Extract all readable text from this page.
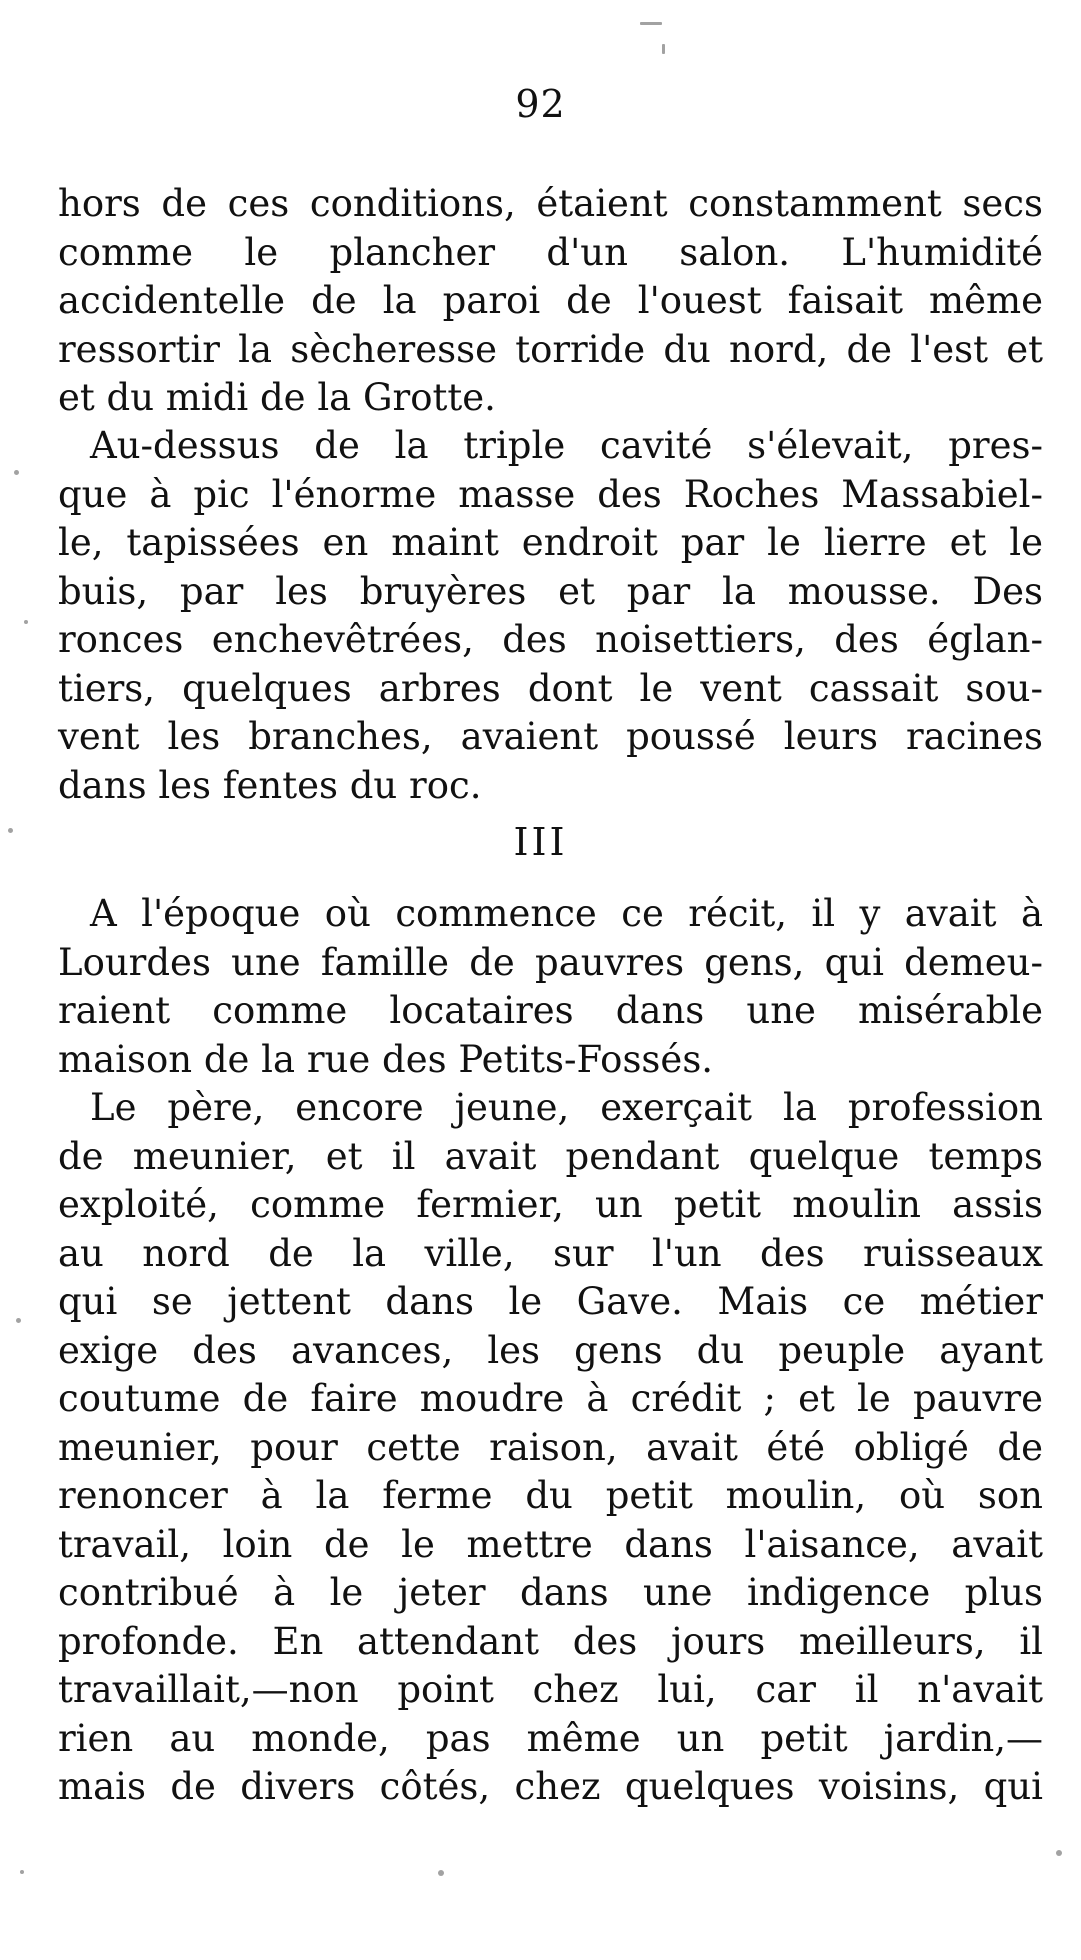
92
hors de ces conditions, étaient constamment secs
comme le plancher d'un salon. L'humidité
accidentelle de la paroi de l'ouest faisait même
ressortir la sècheresse torride du nord, de l'est et
et du midi de la Grotte.
Au-dessus de la triple cavité s'élevait, pres-
que à pic l'énorme masse des Roches Massabiel-
le, tapissées en maint endroit par le lierre et le
buis, par les bruyères et par la mousse. Des
ronces enchevêtrées, des noisettiers, des églan-
tiers, quelques arbres dont le vent cassait sou-
vent les branches, avaient poussé leurs racines
dans les fentes du roc.
III
A l'époque où commence ce récit, il y avait à
Lourdes une famille de pauvres gens, qui demeu-
raient comme locataires dans une misérable
maison de la rue des Petits-Fossés.
Le père, encore jeune, exerçait la profession
de meunier, et il avait pendant quelque temps
exploité, comme fermier, un petit moulin assis
au nord de la ville, sur l'un des ruisseaux
qui se jettent dans le Gave. Mais ce métier
exige des avances, les gens du peuple ayant
coutume de faire moudre à crédit ; et le pauvre
meunier, pour cette raison, avait été obligé de
renoncer à la ferme du petit moulin, où son
travail, loin de le mettre dans l'aisance, avait
contribué à le jeter dans une indigence plus
profonde. En attendant des jours meilleurs, il
travaillait,—non point chez lui, car il n'avait
rien au monde, pas même un petit jardin,—
mais de divers côtés, chez quelques voisins, qui
